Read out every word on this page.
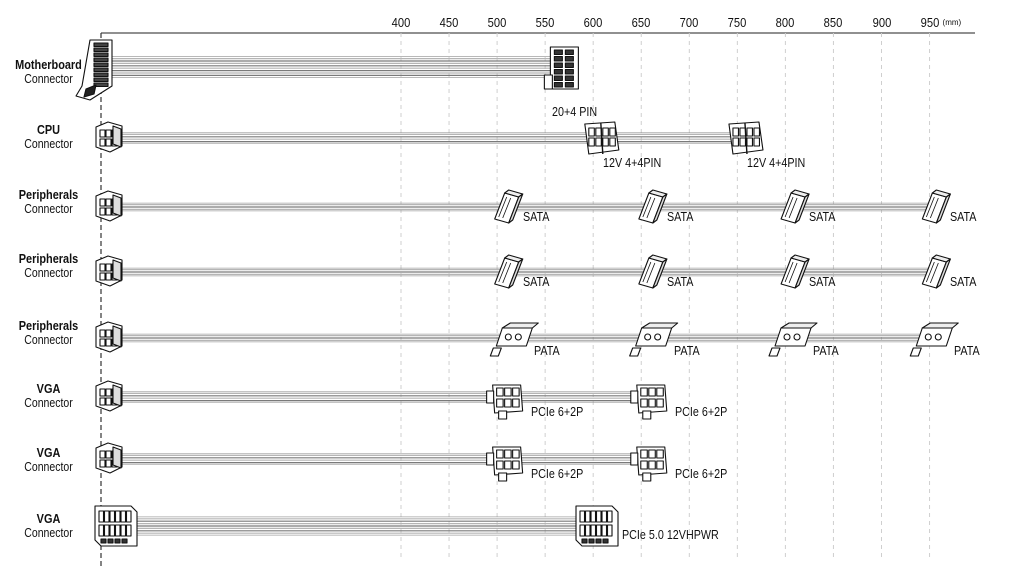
400 450 500 550 600 650 700 750 800 850 900 950 (mm)
20+4 PIN
Motherboard
Connector
12V 4+4PIN	12V 4+4PIN
CPU
Connector
SATA	SATA	SATA	SATA
Peripherals
Connector
SATA	SATA	SATA	SATA
Peripherals
Connector
PATA	PATA	PATA	PATA
Peripherals
Connector
PCIe 6+2P	PCIe 6+2P
VGA
Connector
PCIe 6+2P	PCIe 6+2P
VGA
Connector
PCIe 5.0 12VHPWR
VGA
Connector
